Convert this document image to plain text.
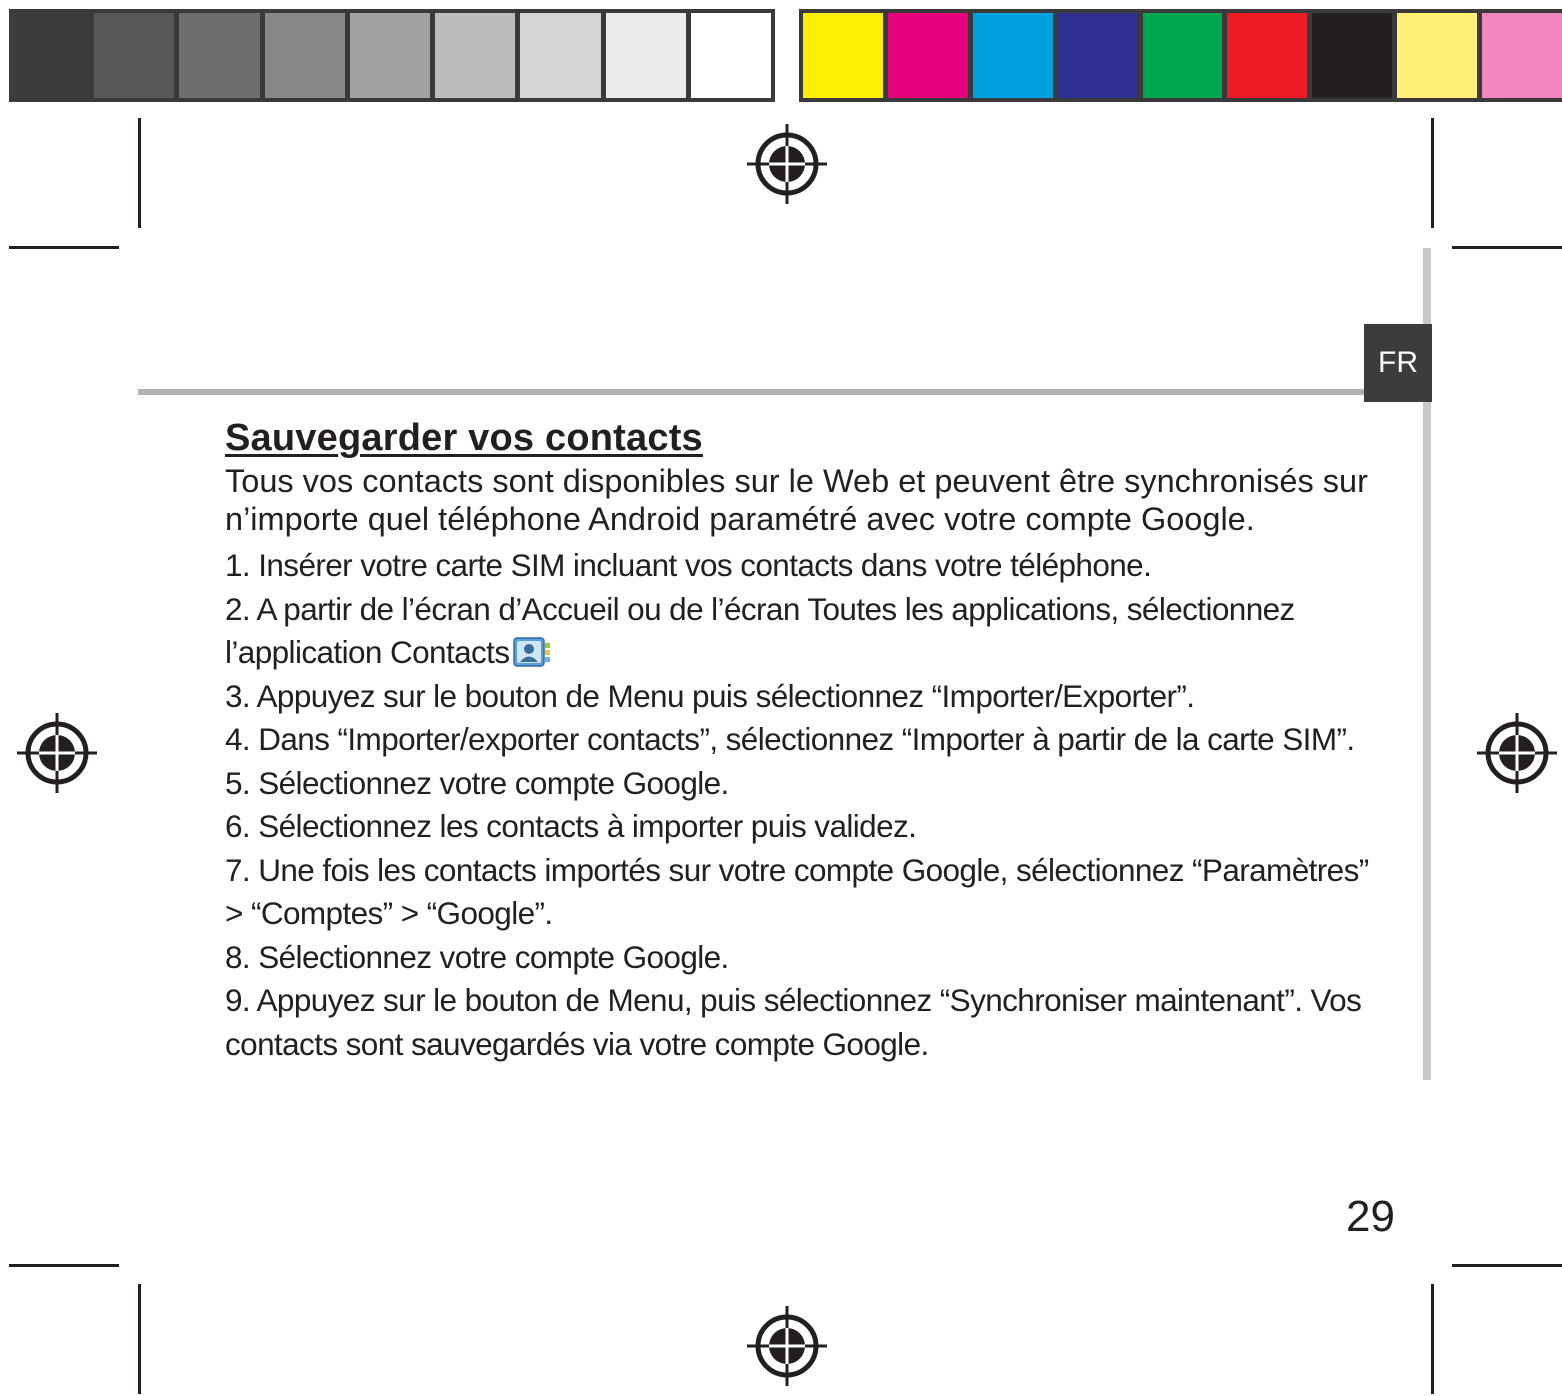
FR
Sauvegarder vos contacts

Tous vos contacts sont disponibles sur le Web et peuvent être synchronisés sur n’importe quel téléphone Android paramétré avec votre compte Google.

1. Insérer votre carte SIM incluant vos contacts dans votre téléphone.
2. A partir de l’écran d’Accueil ou de l’écran Toutes les applications, sélectionnez l’application Contacts
3. Appuyez sur le bouton de Menu puis sélectionnez “Importer/Exporter”.
4. Dans “Importer/exporter contacts”, sélectionnez “Importer à partir de la carte SIM”.
5. Sélectionnez votre compte Google.
6. Sélectionnez les contacts à importer puis validez.
7. Une fois les contacts importés sur votre compte Google, sélectionnez “Paramètres” > “Comptes” > “Google”.
8. Sélectionnez votre compte Google.
9. Appuyez sur le bouton de Menu, puis sélectionnez “Synchroniser maintenant”. Vos contacts sont sauvegardés via votre compte Google.
29
